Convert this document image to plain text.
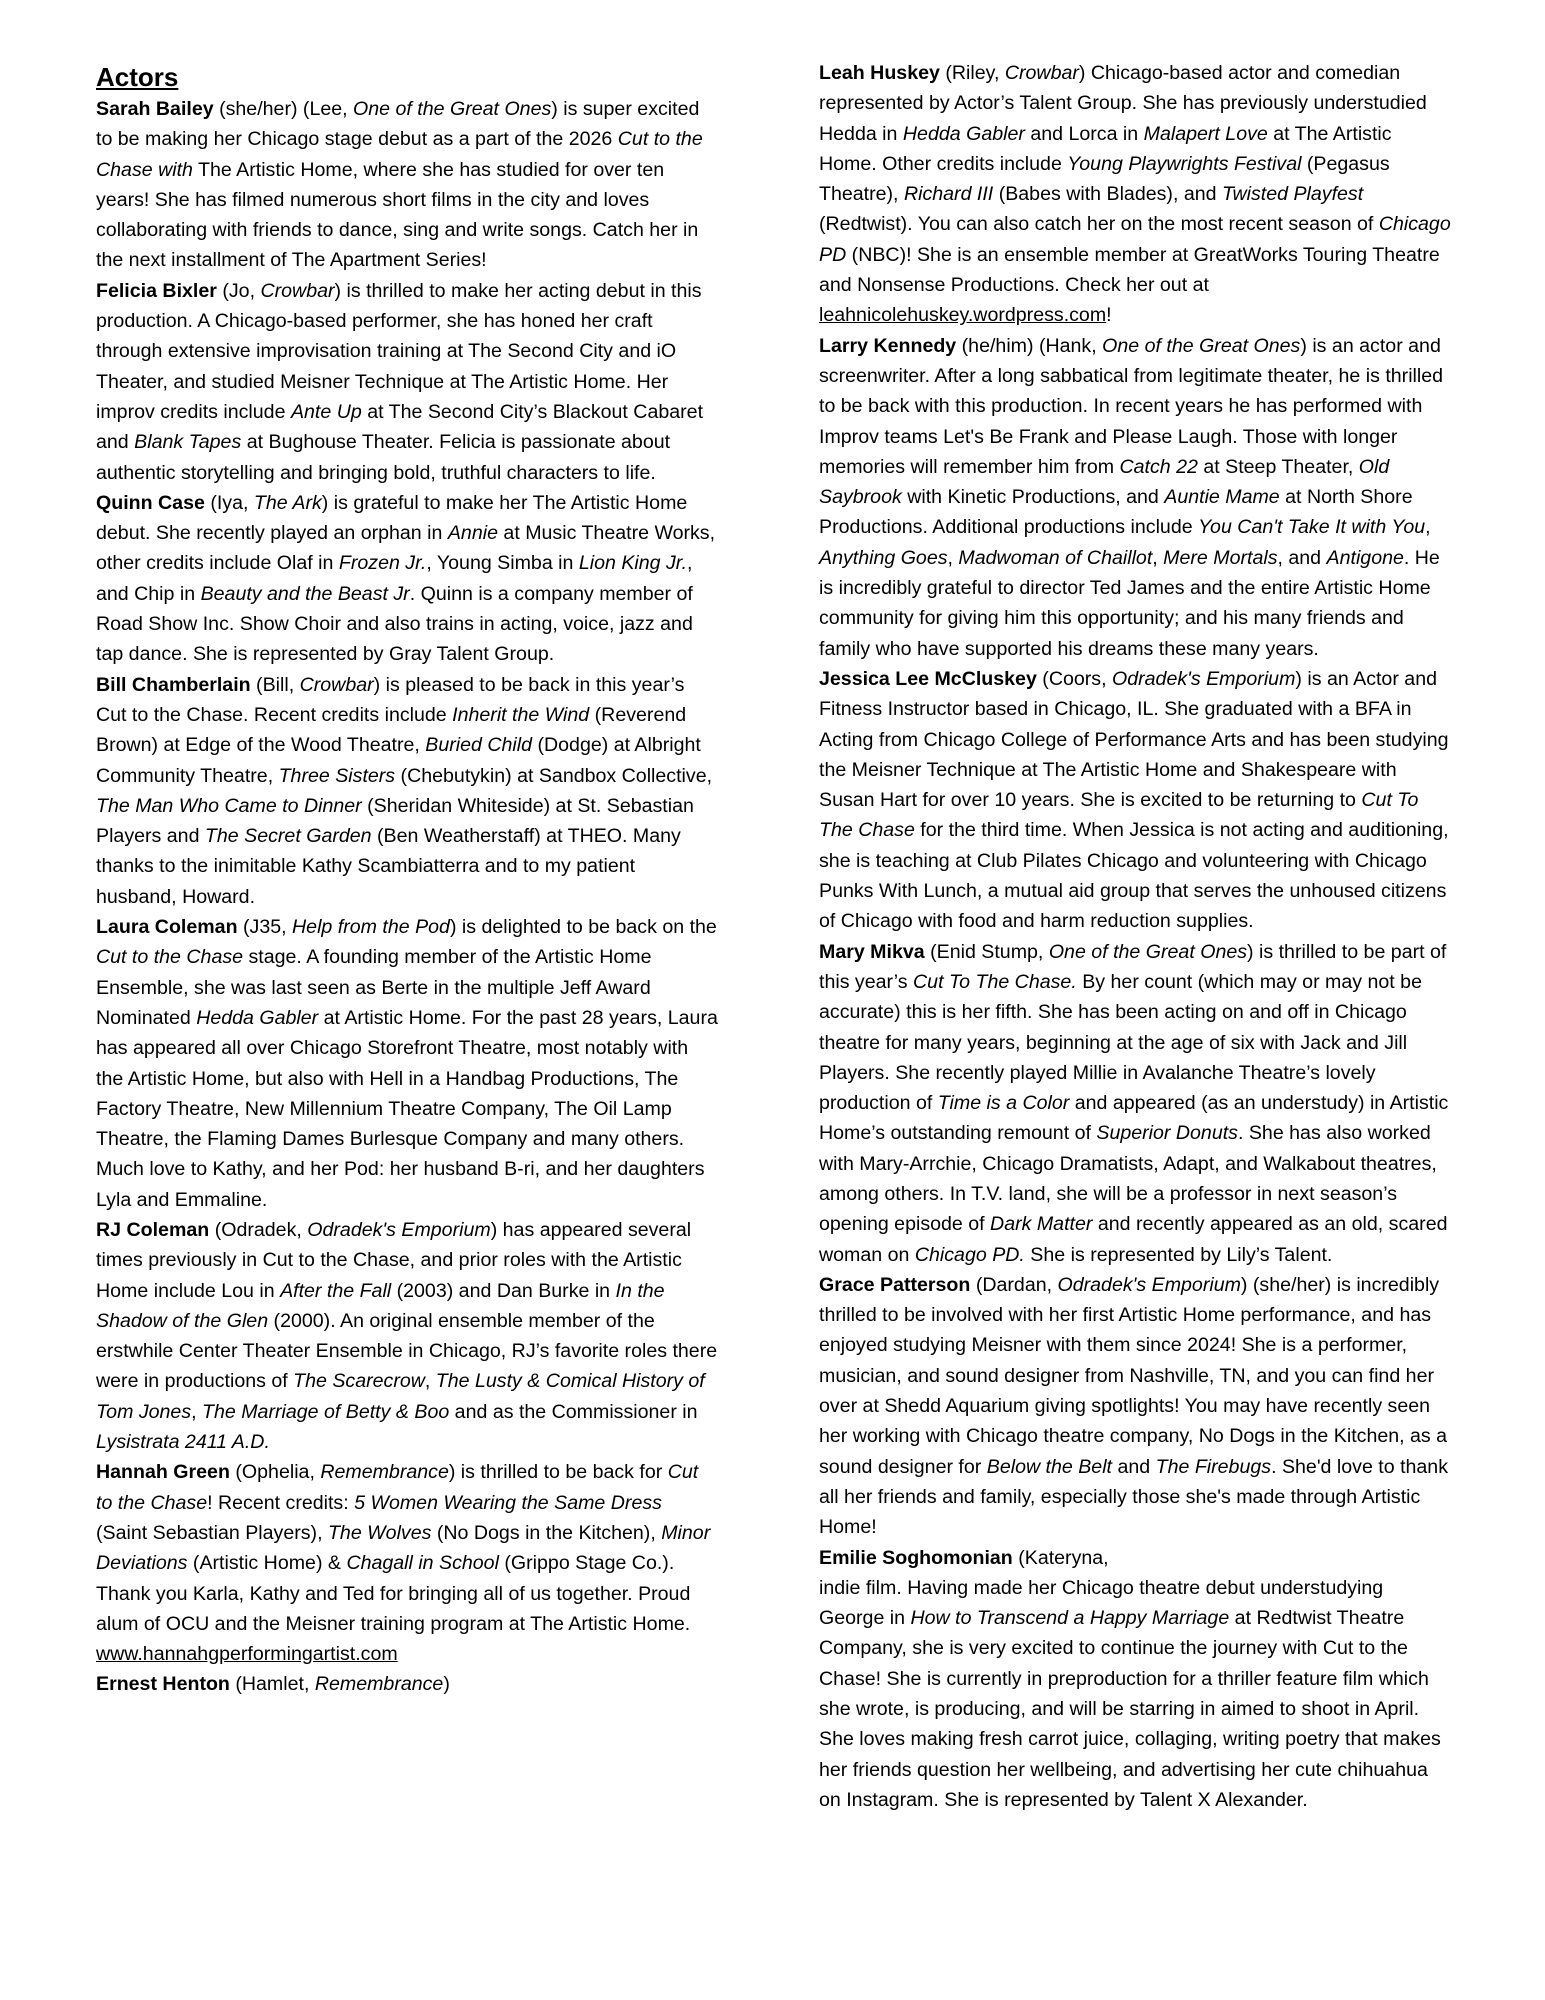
Actors

Sarah Bailey (she/her) (Lee, One of the Great Ones) is super excited to be making her Chicago stage debut as a part of the 2026 Cut to the Chase with The Artistic Home, where she has studied for over ten years! She has filmed numerous short films in the city and loves collaborating with friends to dance, sing and write songs. Catch her in the next installment of The Apartment Series!

Felicia Bixler (Jo, Crowbar) is thrilled to make her acting debut in this production. A Chicago-based performer, she has honed her craft through extensive improvisation training at The Second City and iO Theater, and studied Meisner Technique at The Artistic Home. Her improv credits include Ante Up at The Second City’s Blackout Cabaret and Blank Tapes at Bughouse Theater. Felicia is passionate about authentic storytelling and bringing bold, truthful characters to life.

Quinn Case (Iya, The Ark) is grateful to make her The Artistic Home debut. She recently played an orphan in Annie at Music Theatre Works, other credits include Olaf in Frozen Jr., Young Simba in Lion King Jr., and Chip in Beauty and the Beast Jr. Quinn is a company member of Road Show Inc. Show Choir and also trains in acting, voice, jazz and tap dance. She is represented by Gray Talent Group.

Bill Chamberlain (Bill, Crowbar) is pleased to be back in this year’s Cut to the Chase. Recent credits include Inherit the Wind (Reverend Brown) at Edge of the Wood Theatre, Buried Child (Dodge) at Albright Community Theatre, Three Sisters (Chebutykin) at Sandbox Collective, The Man Who Came to Dinner (Sheridan Whiteside) at St. Sebastian Players and The Secret Garden (Ben Weatherstaff) at THEO. Many thanks to the inimitable Kathy Scambiatterra and to my patient husband, Howard.

Laura Coleman (J35, Help from the Pod) is delighted to be back on the Cut to the Chase stage. A founding member of the Artistic Home Ensemble, she was last seen as Berte in the multiple Jeff Award Nominated Hedda Gabler at Artistic Home. For the past 28 years, Laura has appeared all over Chicago Storefront Theatre, most notably with the Artistic Home, but also with Hell in a Handbag Productions, The Factory Theatre, New Millennium Theatre Company, The Oil Lamp Theatre, the Flaming Dames Burlesque Company and many others. Much love to Kathy, and her Pod: her husband B-ri, and her daughters Lyla and Emmaline.

RJ Coleman (Odradek, Odradek's Emporium) has appeared several times previously in Cut to the Chase, and prior roles with the Artistic Home include Lou in After the Fall (2003) and Dan Burke in In the Shadow of the Glen (2000). An original ensemble member of the erstwhile Center Theater Ensemble in Chicago, RJ’s favorite roles there were in productions of The Scarecrow, The Lusty & Comical History of Tom Jones, The Marriage of Betty & Boo and as the Commissioner in Lysistrata 2411 A.D.

Hannah Green (Ophelia, Remembrance) is thrilled to be back for Cut to the Chase! Recent credits: 5 Women Wearing the Same Dress (Saint Sebastian Players), The Wolves (No Dogs in the Kitchen), Minor Deviations (Artistic Home) & Chagall in School (Grippo Stage Co.). Thank you Karla, Kathy and Ted for bringing all of us together. Proud alum of OCU and the Meisner training program at The Artistic Home.
www.hannahgperformingartist.com

Ernest Henton (Hamlet, Remembrance)

Leah Huskey (Riley, Crowbar) Chicago-based actor and comedian represented by Actor’s Talent Group. She has previously understudied Hedda in Hedda Gabler and Lorca in Malapert Love at The Artistic Home. Other credits include Young Playwrights Festival (Pegasus Theatre), Richard III (Babes with Blades), and Twisted Playfest (Redtwist). You can also catch her on the most recent season of Chicago PD (NBC)! She is an ensemble member at GreatWorks Touring Theatre and Nonsense Productions. Check her out at leahnicolehuskey.wordpress.com!

Larry Kennedy (he/him) (Hank, One of the Great Ones) is an actor and screenwriter. After a long sabbatical from legitimate theater, he is thrilled to be back with this production. In recent years he has performed with Improv teams Let's Be Frank and Please Laugh. Those with longer memories will remember him from Catch 22 at Steep Theater, Old Saybrook with Kinetic Productions, and Auntie Mame at North Shore Productions. Additional productions include You Can't Take It with You, Anything Goes, Madwoman of Chaillot, Mere Mortals, and Antigone. He is incredibly grateful to director Ted James and the entire Artistic Home community for giving him this opportunity; and his many friends and family who have supported his dreams these many years.

Jessica Lee McCluskey (Coors, Odradek's Emporium) is an Actor and Fitness Instructor based in Chicago, IL. She graduated with a BFA in Acting from Chicago College of Performance Arts and has been studying the Meisner Technique at The Artistic Home and Shakespeare with Susan Hart for over 10 years. She is excited to be returning to Cut To The Chase for the third time. When Jessica is not acting and auditioning, she is teaching at Club Pilates Chicago and volunteering with Chicago Punks With Lunch, a mutual aid group that serves the unhoused citizens of Chicago with food and harm reduction supplies.

Mary Mikva (Enid Stump, One of the Great Ones) is thrilled to be part of this year’s Cut To The Chase. By her count (which may or may not be accurate) this is her fifth. She has been acting on and off in Chicago theatre for many years, beginning at the age of six with Jack and Jill Players. She recently played Millie in Avalanche Theatre’s lovely production of Time is a Color and appeared (as an understudy) in Artistic Home’s outstanding remount of Superior Donuts. She has also worked with Mary-Arrchie, Chicago Dramatists, Adapt, and Walkabout theatres, among others. In T.V. land, she will be a professor in next season’s opening episode of Dark Matter and recently appeared as an old, scared woman on Chicago PD. She is represented by Lily’s Talent.

Grace Patterson (Dardan, Odradek's Emporium) (she/her) is incredibly thrilled to be involved with her first Artistic Home performance, and has enjoyed studying Meisner with them since 2024! She is a performer, musician, and sound designer from Nashville, TN, and you can find her over at Shedd Aquarium giving spotlights! You may have recently seen her working with Chicago theatre company, No Dogs in the Kitchen, as a sound designer for Below the Belt and The Firebugs. She'd love to thank all her friends and family, especially those she's made through Artistic Home!

Emilie Soghomonian (Kateryna,
indie film. Having made her Chicago theatre debut understudying George in How to Transcend a Happy Marriage at Redtwist Theatre Company, she is very excited to continue the journey with Cut to the Chase! She is currently in preproduction for a thriller feature film which she wrote, is producing, and will be starring in aimed to shoot in April. She loves making fresh carrot juice, collaging, writing poetry that makes her friends question her wellbeing, and advertising her cute chihuahua on Instagram. She is represented by Talent X Alexander.
